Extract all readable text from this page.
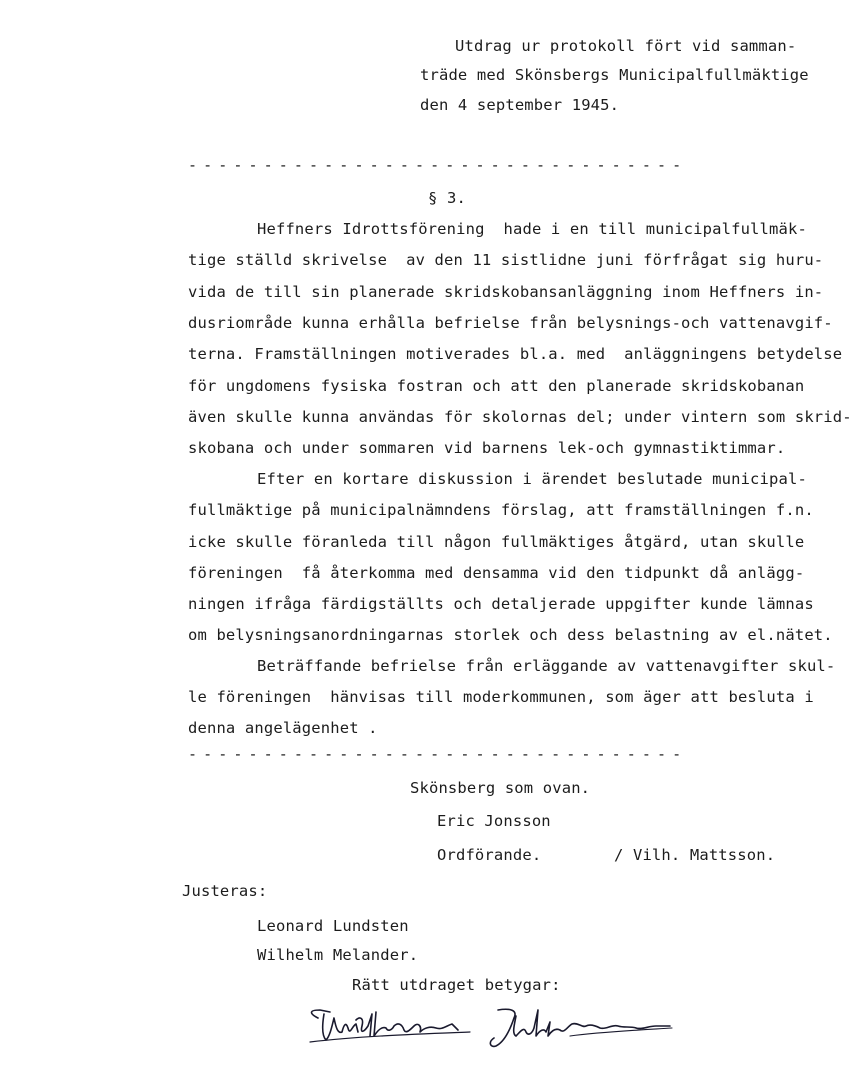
Utdrag ur protokoll fört vid samman-
träde med Skönsbergs Municipalfullmäktige
den 4 september 1945.
---------------------------------
§ 3.
Heffners Idrottsförening  hade i en till municipalfullmäk-
tige ställd skrivelse  av den 11 sistlidne juni förfrågat sig huru-
vida de till sin planerade skridskobansanläggning inom Heffners in-
dusriområde kunna erhålla befrielse från belysnings-och vattenavgif-
terna. Framställningen motiverades bl.a. med  anläggningens betydelse
för ungdomens fysiska fostran och att den planerade skridskobanan
även skulle kunna användas för skolornas del; under vintern som skrid-
skobana och under sommaren vid barnens lek-och gymnastiktimmar.
Efter en kortare diskussion i ärendet beslutade municipal-
fullmäktige på municipalnämndens förslag, att framställningen f.n.
icke skulle föranleda till någon fullmäktiges åtgärd, utan skulle
föreningen  få återkomma med densamma vid den tidpunkt då anlägg-
ningen ifråga färdigställts och detaljerade uppgifter kunde lämnas
om belysningsanordningarnas storlek och dess belastning av el.nätet.
Beträffande befrielse från erläggande av vattenavgifter skul-
le föreningen  hänvisas till moderkommunen, som äger att besluta i
denna angelägenhet .
---------------------------------
Skönsberg som ovan.
Eric Jonsson
Ordförande.	/ Vilh. Mattsson.
Justeras:
Leonard Lundsten
Wilhelm Melander.
Rätt utdraget betygar:
